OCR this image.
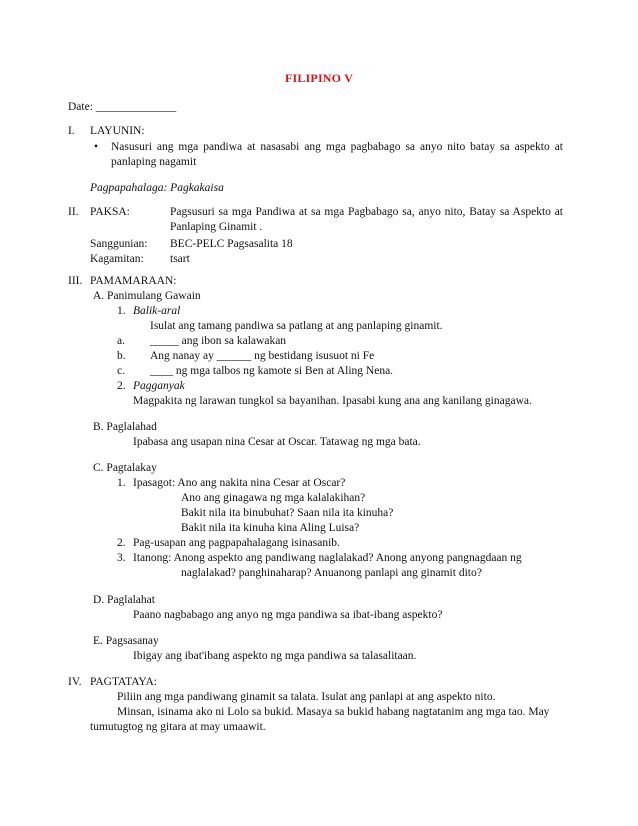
FILIPINO V
Date: ______________
I. LAYUNIN:
• Nasusuri ang mga pandiwa at nasasabi ang mga pagbabago sa anyo nito batay sa aspekto at panlaping nagamit
Pagpapahalaga: Pagkakaisa
II. PAKSA:	Pagsusuri sa mga Pandiwa at sa mga Pagbabago sa, anyo nito, Batay sa Aspekto at Panlaping Ginamit .
Sanggunian: BEC-PELC Pagsasalita 18
Kagamitan: tsart
III. PAMAMARAAN:
A. Panimulang Gawain
1. Balik-aral
Isulat ang tamang pandiwa sa patlang at ang panlaping ginamit.
a. _____ ang ibon sa kalawakan
b. Ang nanay ay ______ ng bestidang isusuot ni Fe
c. ____ ng mga talbos ng kamote si Ben at Aling Nena.
2. Pagganyak
Magpakita ng larawan tungkol sa bayanihan. Ipasabi kung ana ang kanilang ginagawa.
B. Paglalahad
Ipabasa ang usapan nina Cesar at Oscar. Tatawag ng mga bata.
C. Pagtalakay
1. Ipasagot: Ano ang nakita nina Cesar at Oscar?
Ano ang ginagawa ng mga kalalakihan?
Bakit nila ita binubuhat? Saan nila ita kinuha?
Bakit nila ita kinuha kina Aling Luisa?
2. Pag-usapan ang pagpapahalagang isinasanib.
3. Itanong: Anong aspekto ang pandiwang naglalakad? Anong anyong pangnagdaan ng
naglalakad? panghinaharap? Anuanong panlapi ang ginamit dito?
D. Paglalahat
Paano nagbabago ang anyo ng mga pandiwa sa ibat-ibang aspekto?
E. Pagsasanay
Ibigay ang ibat'ibang aspekto ng mga pandiwa sa talasalitaan.
IV. PAGTATAYA:
Piliin ang mga pandiwang ginamit sa talata. Isulat ang panlapi at ang aspekto nito.
Minsan, isinama ako ni Lolo sa bukid. Masaya sa bukid habang nagtatanim ang mga tao. May
tumutugtog ng gitara at may umaawit.
